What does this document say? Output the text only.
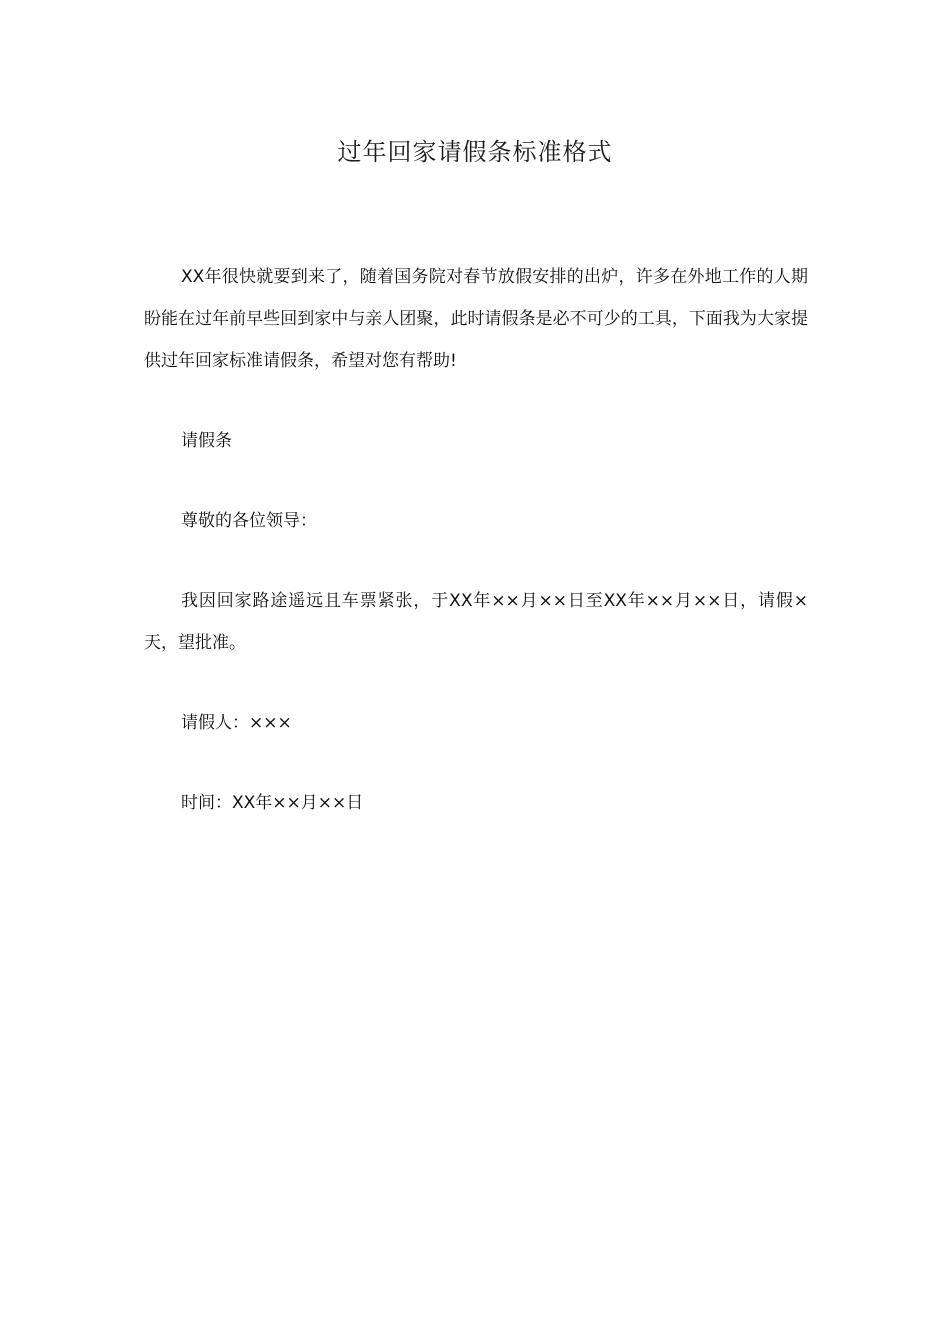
过年回家请假条标准格式

XX年很快就要到来了，随着国务院对春节放假安排的出炉，许多在外地工作的人期盼能在过年前早些回到家中与亲人团聚，此时请假条是必不可少的工具，下面我为大家提供过年回家标准请假条，希望对您有帮助!

请假条

尊敬的各位领导：

我因回家路途遥远且车票紧张，于XX年××月××日至XX年××月××日，请假×天，望批准。

请假人：×××

时间：XX年××月××日
